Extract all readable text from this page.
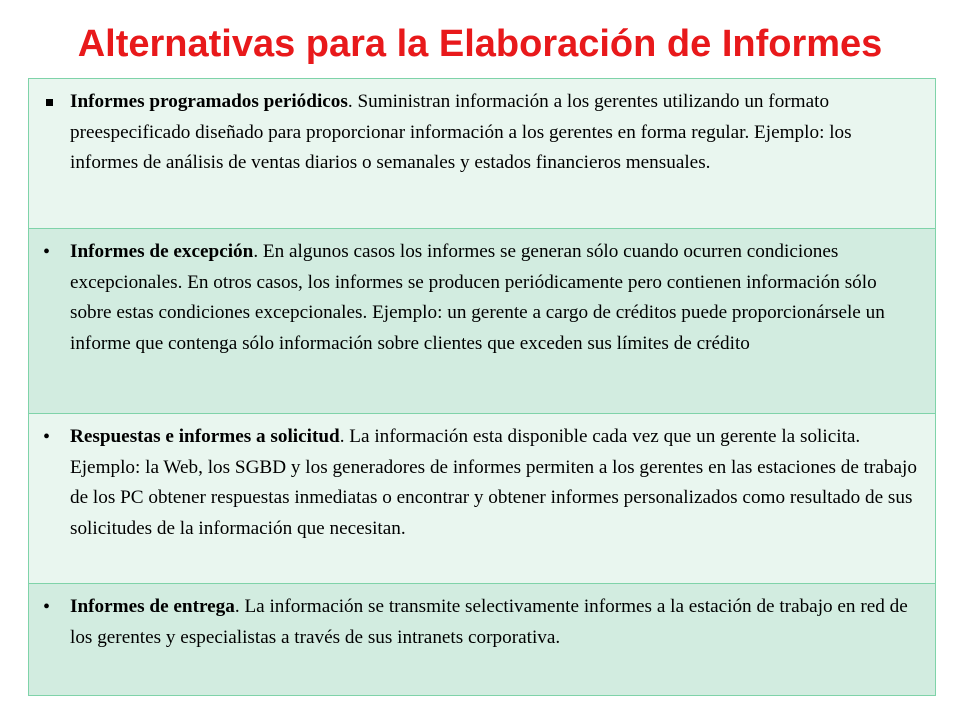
Alternativas para la Elaboración de Informes
Informes programados periódicos. Suministran información a los gerentes utilizando un formato preespecificado diseñado para proporcionar información a los gerentes en forma regular. Ejemplo: los informes de análisis de ventas diarios o semanales y estados financieros mensuales.
•	Informes de excepción. En algunos casos los informes se generan sólo cuando ocurren condiciones excepcionales. En otros casos, los informes se producen periódicamente pero contienen información sólo sobre estas condiciones excepcionales. Ejemplo: un gerente a cargo de créditos puede proporcionársele un informe que contenga sólo información sobre clientes que exceden sus límites de crédito
•	Respuestas e informes a solicitud. La información esta disponible cada vez que un gerente la solicita. Ejemplo: la Web, los SGBD y los generadores de informes permiten a los gerentes en las estaciones de trabajo de los PC obtener respuestas inmediatas o encontrar y obtener informes personalizados como resultado de sus solicitudes de la información que necesitan.
•	Informes de entrega. La información se transmite selectivamente informes a la estación de trabajo en red de los gerentes y especialistas a través de sus intranets corporativa.
